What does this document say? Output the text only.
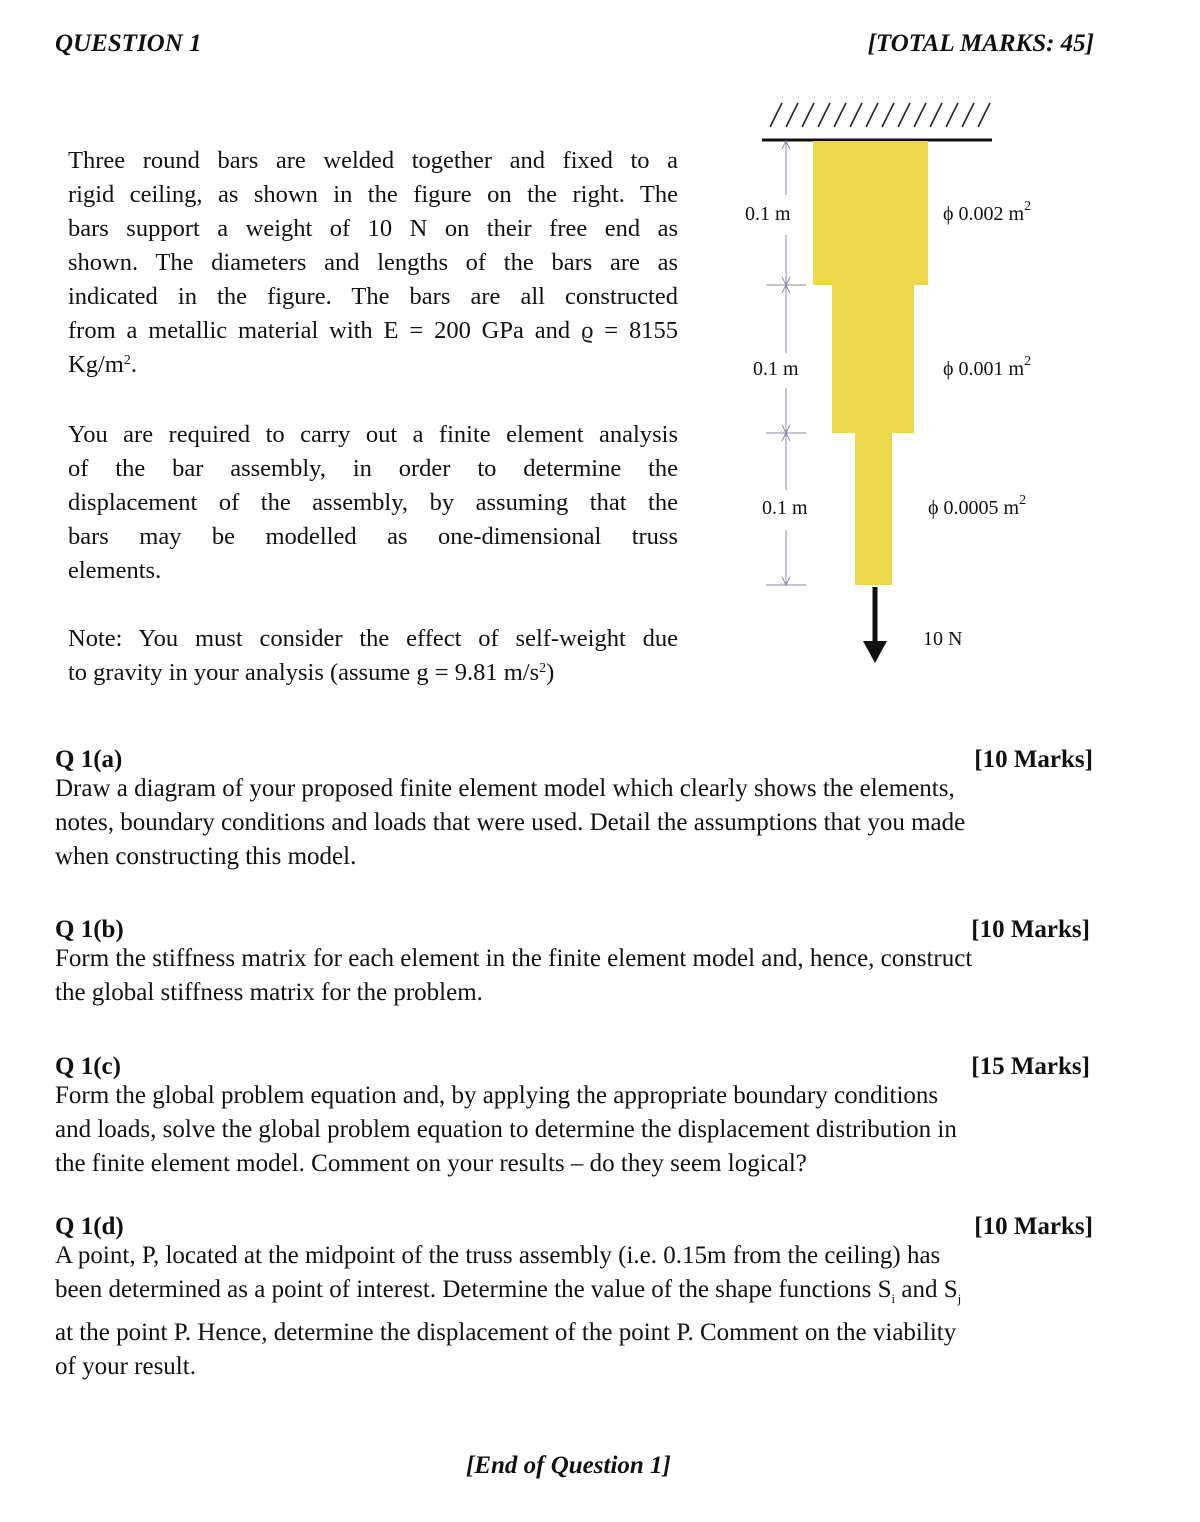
QUESTION 1	[TOTAL MARKS: 45]
Three round bars are welded together and fixed to a
rigid ceiling, as shown in the figure on the right. The
bars support a weight of 10 N on their free end as
shown. The diameters and lengths of the bars are as
indicated in the figure. The bars are all constructed
from a metallic material with E = 200 GPa and ϱ = 8155
$Kg/m^2$.
You are required to carry out a finite element analysis
of the bar assembly, in order to determine the
displacement of the assembly, by assuming that the
bars may be modelled as one-dimensional truss
elements.
Note: You must consider the effect of self-weight due
to gravity in your analysis (assume g = 9.81 $m/s^2$)
0.1 m
0.1 m
0.1 m
ϕ 0.002 $m^2$
ϕ 0.001 $m^2$
ϕ 0.0005 $m^2$
10 N
Q 1(a)	[10 Marks]
Draw a diagram of your proposed finite element model which clearly shows the elements,
notes, boundary conditions and loads that were used. Detail the assumptions that you made
when constructing this model.
Q 1(b)	[10 Marks]
Form the stiffness matrix for each element in the finite element model and, hence, construct
the global stiffness matrix for the problem.
Q 1(c)	[15 Marks]
Form the global problem equation and, by applying the appropriate boundary conditions
and loads, solve the global problem equation to determine the displacement distribution in
the finite element model. Comment on your results – do they seem logical?
Q 1(d)	[10 Marks]
A point, P, located at the midpoint of the truss assembly (i.e. 0.15m from the ceiling) has
been determined as a point of interest. Determine the value of the shape functions $S_i$ and $S_j$
at the point P. Hence, determine the displacement of the point P. Comment on the viability
of your result.
[End of Question 1]
